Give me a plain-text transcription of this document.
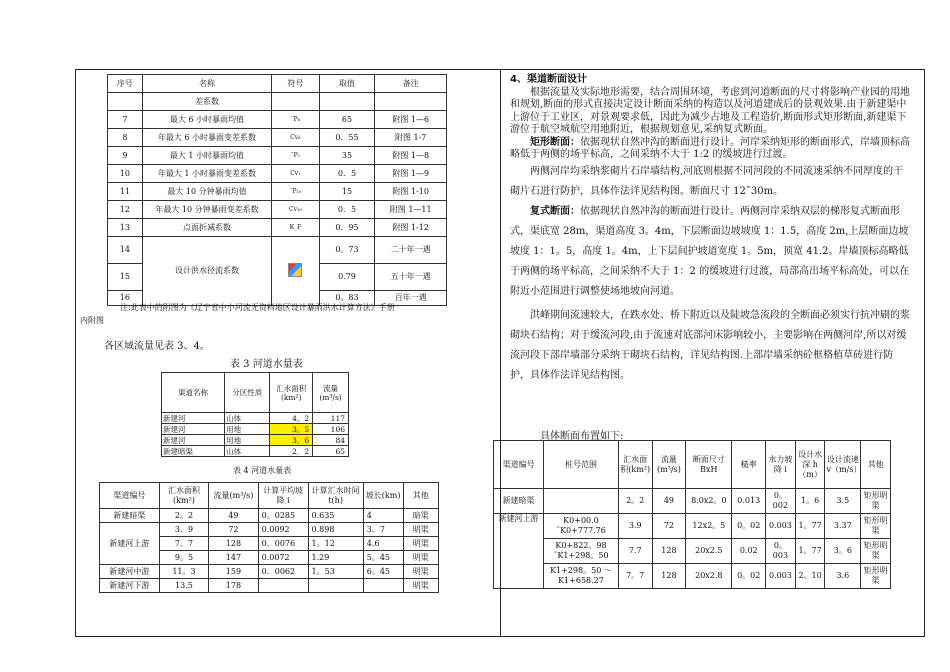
序号	名称	符号	取值	备注
	差系数			
7	最大 6 小时暴雨均值	¯P₆	65	附图 1—6
8	年最大 6 小时暴雨变差系数	Cv₆	0．55	附图 1-7
9	最大 1 小时暴雨均值	¯P₁	35	附图 1—8
10	年最大 1 小时暴雨变差系数	Cv₁	0．5	附图 1—9
11	最大 10 分钟暴雨均值	¯P₁₀	15	附图 1-10
12	年最大 10 分钟暴雨变差系数	Cv₁₀	0．5	附图 1—11
13	点面折减系数	K_F	0．95	附图 1-12
14	设计洪水径流系数		0。73	二十年一遇
15			0.79	五十年一遇
16			0。83	百年一遇
注:此表中的附图为《辽宁省中小河流无资料地区设计暴雨洪水计算方法》手册
内附图
各区域流量见表 3、4。
表 3 河道水量表
渠道名称	分区性质	汇水面积(km²)	流量(m³/s)
新建河	山体	4。2	117
新建河	用地	3。5	106
新建河	用地	3．6	84
新建暗渠	山体	2．2	65
表 4 河道水量表
渠道编号	汇水面积(km²)	流量(m³/s)	计算平均坡降 i	计算汇水时间 t(h)	坡长(km)	其他
新建暗渠	2。2	49	0。0285	0.635	4	暗渠
新建河上游	3．9	72	0.0092	0.898	3．7	明渠
	7．7	128	0．0076	1。12	4.6	明渠
	9。5	147	0.0072	1.29	5。45	明渠
新建河中游	11。3	159	0．0062	1。53	6。45	明渠
新建河下游	13.5	178				明渠
4、渠道断面设计

根据流量及实际地形需要，结合周围环境，考虑到河道断面的尺寸将影响产业园的用地和规划,断面的形式直接决定设计断面采纳的构造以及河道建成后的景观效果.由于新建渠中上游位于工业区，对景观要求低，因此为减少占地及工程造价,断面形式矩形断面,新建渠下游位于航空城航空用地附近，根据规划意见,采纳复式断面。

矩形断面：依据现状自然冲沟的断面进行设计。河岸采纳矩形的断面形式，岸墙顶标高略低于两侧的场平标高，之间采纳不大于 1:2 的缓坡进行过渡。

两侧河岸均采纳浆砌片石岸墙结构,河底则根据不同河段的不同流速采纳不同厚度的干砌片石进行防护，具体作法详见结构图。断面尺寸 12˜30m。

复式断面：依据现状自然冲沟的断面进行设计。两侧河岸采纳双层的梯形复式断面形式，渠底宽 28m，渠道高度 3。4m，下层断面边坡坡度 1：1.5，高度 2m,上层断面边坡坡度 1：1。5，高度 1。4m，上下层间护坡道宽度 1。5m，顶宽 41.2。岸墙顶标高略低于两侧的场平标高，之间采纳不大于 1：2 的缓坡进行过渡，局部高出场平标高处，可以在附近小范围进行调整使场地坡向河道。

洪峰期间流速较大，在跌水处、桥下附近以及陡坡急流段的全断面必须实行抗冲刷的浆砌块石结构；对于缓流河段,由于流速对底部河床影响较小，主要影响在两侧河岸,所以对缓流河段下部岸墙部分采纳干砌块石结构，详见结构图.上部岸墙采纳砼框格植草砖进行防护，具体作法详见结构图。

具体断面布置如下:
渠道编号	桩号范围	汇水面积(km²)	流量(m³/s)	断面尺寸 BxH	糙率	水力坡降 i	设计水深 h（m）	设计流速 v（m/s）	其他
新建暗渠		2。2	49	8.0x2。0	0.013	0。002	1。6	3.5	矩形明渠
新建河上游	K0+00.0 ˜K0+777.76	3.9	72	12x2。5	0。02	0.003	1。77	3.37	矩形明渠
	K0+822。98 ˜K1+298。50	7.7	128	20x2.5	0.02	0。003	1。77	3。6	矩形明渠
	K1+298。50 ～ K1+658.27	7。7	128	20x2.8	0。02	0.003	2。10	3.6	矩形明渠
